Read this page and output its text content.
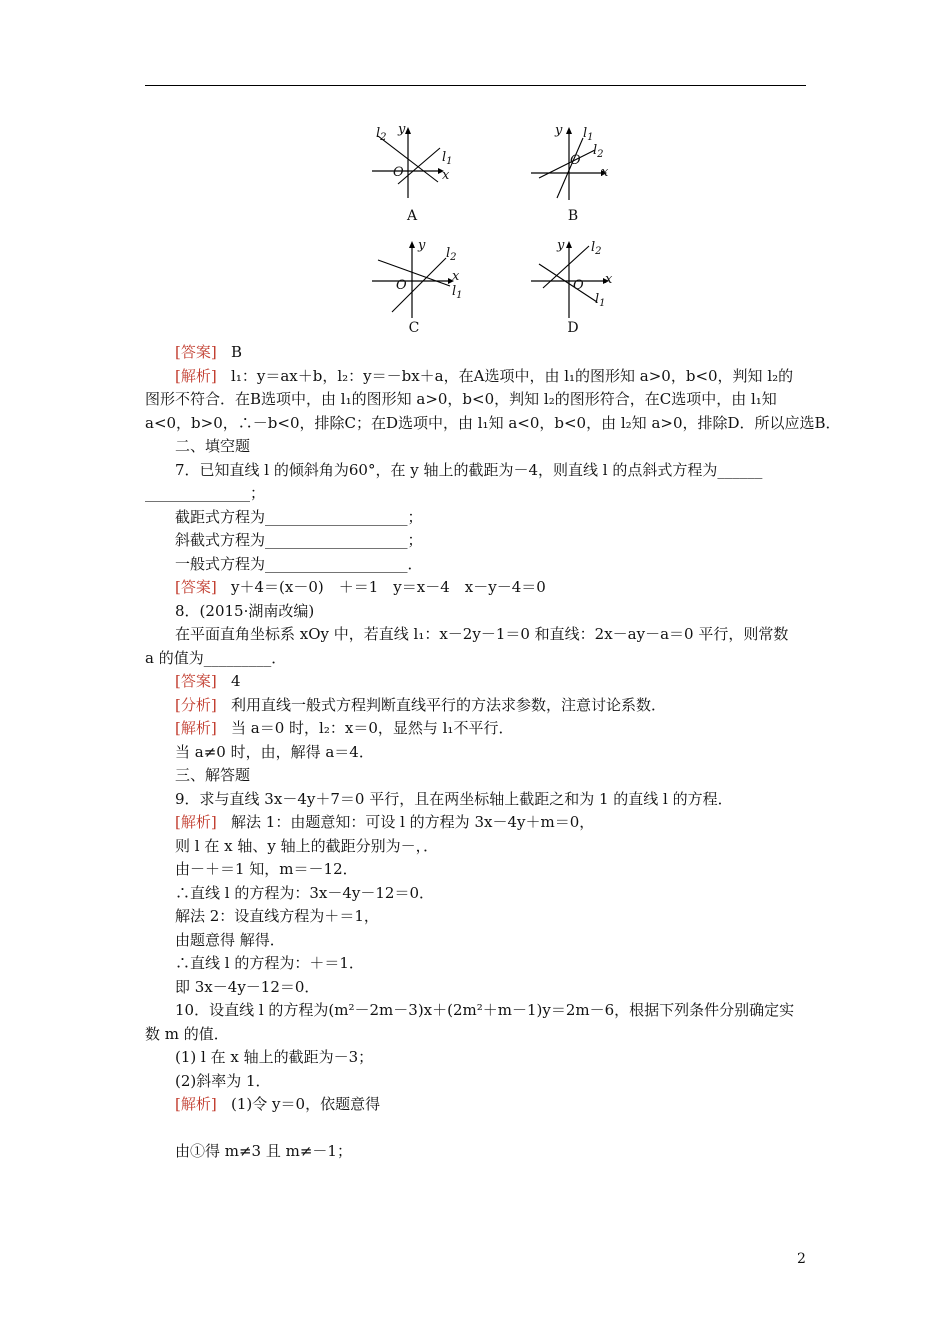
y
$l_2$
$l_1$
O	x
A
y $l_1$
$l_2$
O
x
B
y
$l_2$
x
$l_1$
O
C
y $l_2$
x
O
$l_1$
D
[答案] B
[解析] l₁：y＝ax＋b，l₂：y＝－bx＋a，在A选项中，由 l₁的图形知 a>0，b<0，判知 l₂的
图形不符合．在B选项中，由 l₁的图形知 a>0，b<0，判知 l₂的图形符合，在C选项中，由 l₁知
a<0，b>0，∴－b<0，排除C；在D选项中，由 l₁知 a<0，b<0，由 l₂知 a>0，排除D．所以应选B．
二、填空题
7．已知直线 l 的倾斜角为60°，在 y 轴上的截距为－4，则直线 l 的点斜式方程为______
______________；
截距式方程为___________________；
斜截式方程为___________________；
一般式方程为___________________．
[答案] y＋4＝(x－0)　＋＝1　y＝x－4　x－y－4＝0
8．(2015·湖南改编)
在平面直角坐标系 xOy 中，若直线 l₁：x－2y－1＝0 和直线：2x－ay－a＝0 平行，则常数
a 的值为_________．
[答案] 4
[分析] 利用直线一般式方程判断直线平行的方法求参数，注意讨论系数．
[解析] 当 a＝0 时，l₂：x＝0，显然与 l₁不平行．
当 a≠0 时，由，解得 a＝4．
三、解答题
9．求与直线 3x－4y＋7＝0 平行，且在两坐标轴上截距之和为 1 的直线 l 的方程．
[解析] 解法 1：由题意知：可设 l 的方程为 3x－4y＋m＝0，
则 l 在 x 轴、y 轴上的截距分别为－，．
由－＋＝1 知，m＝－12．
∴直线 l 的方程为：3x－4y－12＝0．
解法 2：设直线方程为＋＝1，
由题意得 解得．
∴直线 l 的方程为：＋＝1．
即 3x－4y－12＝0．
10．设直线 l 的方程为(m²－2m－3)x＋(2m²＋m－1)y＝2m－6，根据下列条件分别确定实
数 m 的值．
(1) l 在 x 轴上的截距为－3；
(2)斜率为 1．
[解析] (1)令 y＝0，依题意得
由①得 m≠3 且 m≠－1；
2
